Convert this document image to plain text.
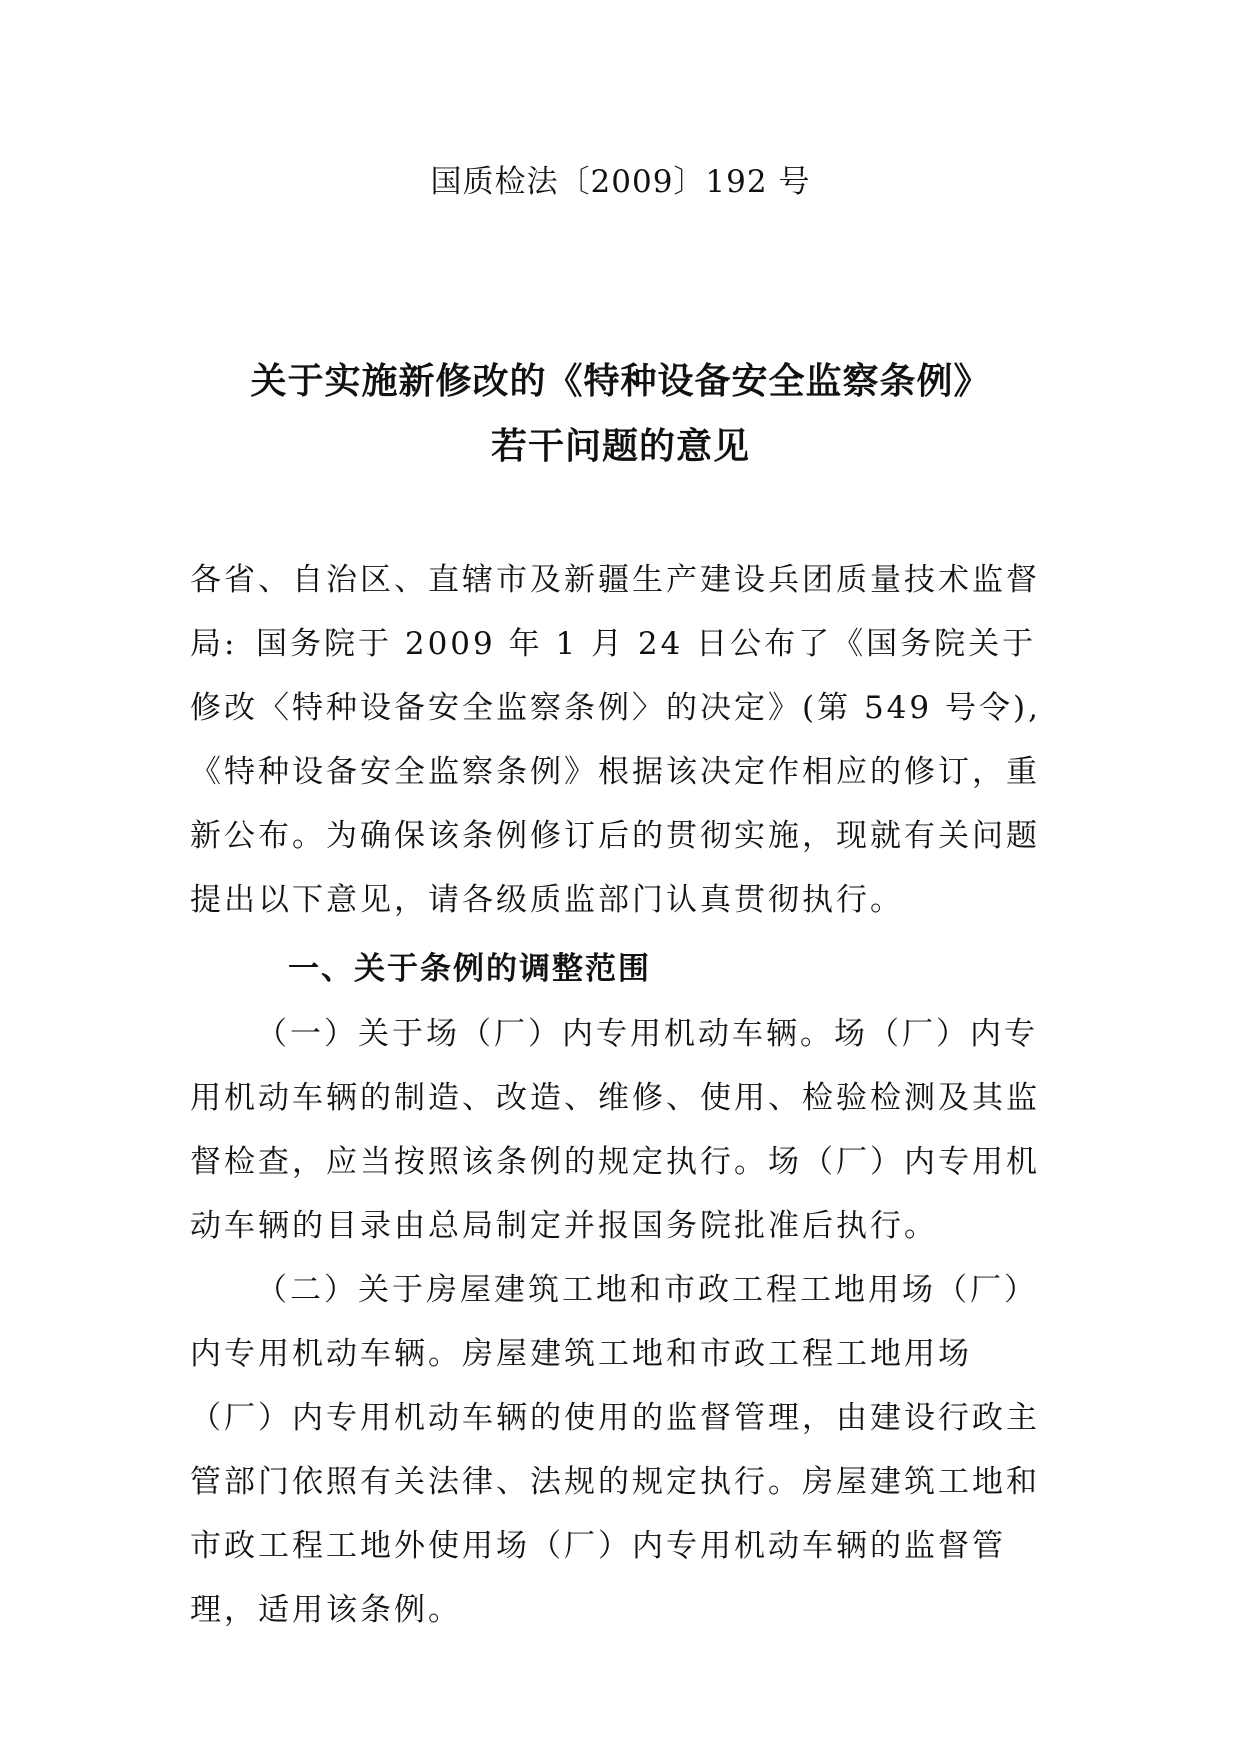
国质检法〔2009〕192 号
关于实施新修改的《特种设备安全监察条例》
若干问题的意见
各省、自治区、直辖市及新疆生产建设兵团质量技术监督局: 国务院于 2009 年 1 月 24 日公布了《国务院关于修改〈特种设备安全监察条例〉的决定》(第 549 号令),《特种设备安全监察条例》根据该决定作相应的修订，重新公布。为确保该条例修订后的贯彻实施，现就有关问题提出以下意见，请各级质监部门认真贯彻执行。

一、关于条例的调整范围

（一）关于场（厂）内专用机动车辆。场（厂）内专用机动车辆的制造、改造、维修、使用、检验检测及其监督检查，应当按照该条例的规定执行。场（厂）内专用机动车辆的目录由总局制定并报国务院批准后执行。

（二）关于房屋建筑工地和市政工程工地用场（厂）内专用机动车辆。房屋建筑工地和市政工程工地用场（厂）内专用机动车辆的使用的监督管理，由建设行政主管部门依照有关法律、法规的规定执行。房屋建筑工地和市政工程工地外使用场（厂）内专用机动车辆的监督管理，适用该条例。
